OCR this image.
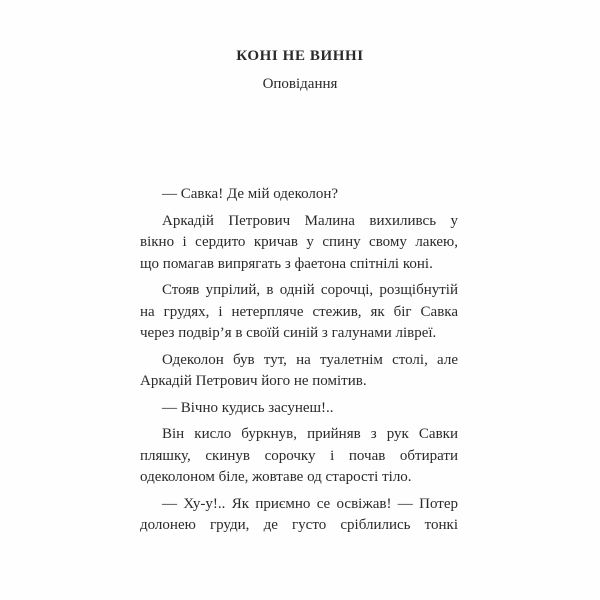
КОНІ НЕ ВИННІ
Оповідання

— Савка! Де мій одеколон?

Аркадій Петрович Малина вихиливсь у
вікно і сердито кричав у спину свому лакею,
що помагав випрягать з фаетона спітнілі коні.

Стояв упрілий, в одній сорочці, розщібнутій
на грудях, і нетерпляче стежив, як біг Савка
через подвір’я в своїй синій з галунами лівреї.

Одеколон був тут, на туалетнім столі, але
Аркадій Петрович його не помітив.

— Вічно кудись засунеш!..

Він кисло буркнув, прийняв з рук Савки
пляшку, скинув сорочку і почав обтирати
одеколоном біле, жовтаве од старості тіло.

— Ху-у!.. Як приємно се освіжав! — Потер
долонею груди, де густо сріблились тонкі
